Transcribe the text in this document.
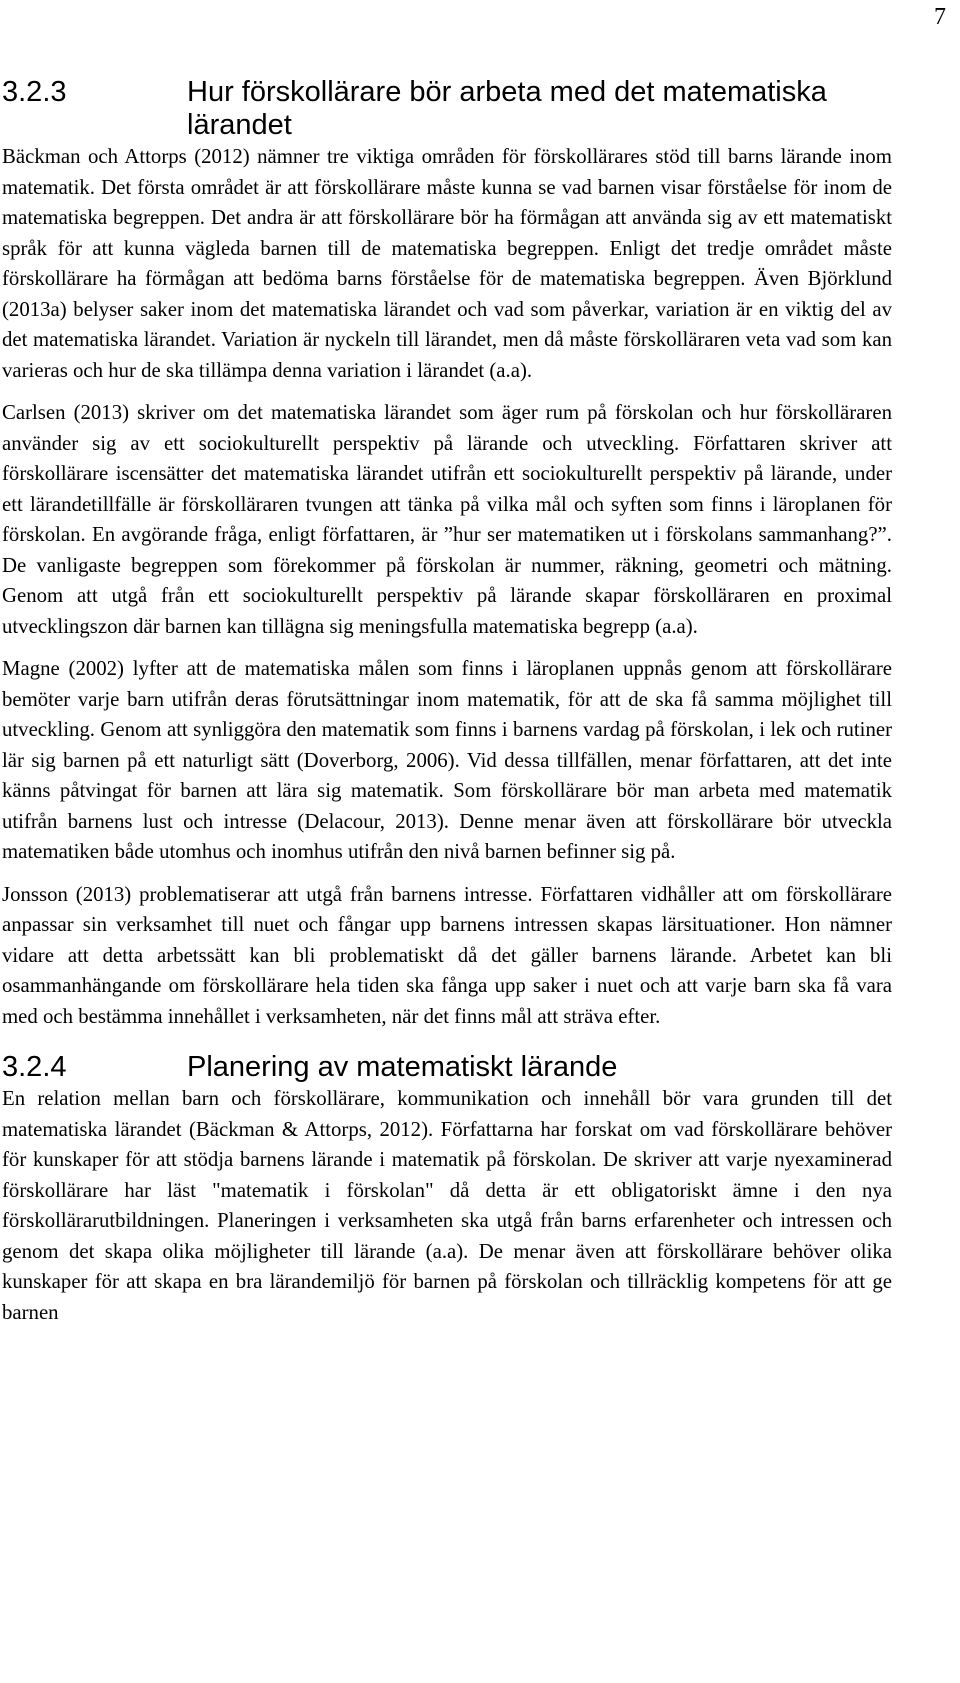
7
3.2.3	Hur förskollärare bör arbeta med det matematiska lärandet

Bäckman och Attorps (2012) nämner tre viktiga områden för förskollärares stöd till barns lärande inom matematik. Det första området är att förskollärare måste kunna se vad barnen visar förståelse för inom de matematiska begreppen. Det andra är att förskollärare bör ha förmågan att använda sig av ett matematiskt språk för att kunna vägleda barnen till de matematiska begreppen. Enligt det tredje området måste förskollärare ha förmågan att bedöma barns förståelse för de matematiska begreppen. Även Björklund (2013a) belyser saker inom det matematiska lärandet och vad som påverkar, variation är en viktig del av det matematiska lärandet. Variation är nyckeln till lärandet, men då måste förskolläraren veta vad som kan varieras och hur de ska tillämpa denna variation i lärandet (a.a).

Carlsen (2013) skriver om det matematiska lärandet som äger rum på förskolan och hur förskolläraren använder sig av ett sociokulturellt perspektiv på lärande och utveckling. Författaren skriver att förskollärare iscensätter det matematiska lärandet utifrån ett sociokulturellt perspektiv på lärande, under ett lärandetillfälle är förskolläraren tvungen att tänka på vilka mål och syften som finns i läroplanen för förskolan. En avgörande fråga, enligt författaren, är ”hur ser matematiken ut i förskolans sammanhang?”. De vanligaste begreppen som förekommer på förskolan är nummer, räkning, geometri och mätning. Genom att utgå från ett sociokulturellt perspektiv på lärande skapar förskolläraren en proximal utvecklingszon där barnen kan tillägna sig meningsfulla matematiska begrepp (a.a).

Magne (2002) lyfter att de matematiska målen som finns i läroplanen uppnås genom att förskollärare bemöter varje barn utifrån deras förutsättningar inom matematik, för att de ska få samma möjlighet till utveckling. Genom att synliggöra den matematik som finns i barnens vardag på förskolan, i lek och rutiner lär sig barnen på ett naturligt sätt (Doverborg, 2006). Vid dessa tillfällen, menar författaren, att det inte känns påtvingat för barnen att lära sig matematik. Som förskollärare bör man arbeta med matematik utifrån barnens lust och intresse (Delacour, 2013). Denne menar även att förskollärare bör utveckla matematiken både utomhus och inomhus utifrån den nivå barnen befinner sig på.

Jonsson (2013) problematiserar att utgå från barnens intresse. Författaren vidhåller att om förskollärare anpassar sin verksamhet till nuet och fångar upp barnens intressen skapas lärsituationer. Hon nämner vidare att detta arbetssätt kan bli problematiskt då det gäller barnens lärande. Arbetet kan bli osammanhängande om förskollärare hela tiden ska fånga upp saker i nuet och att varje barn ska få vara med och bestämma innehållet i verksamheten, när det finns mål att sträva efter.

3.2.4	Planering av matematiskt lärande

En relation mellan barn och förskollärare, kommunikation och innehåll bör vara grunden till det matematiska lärandet (Bäckman & Attorps, 2012). Författarna har forskat om vad förskollärare behöver för kunskaper för att stödja barnens lärande i matematik på förskolan. De skriver att varje nyexaminerad förskollärare har läst "matematik i förskolan" då detta är ett obligatoriskt ämne i den nya förskollärarutbildningen. Planeringen i verksamheten ska utgå från barns erfarenheter och intressen och genom det skapa olika möjligheter till lärande (a.a). De menar även att förskollärare behöver olika kunskaper för att skapa en bra lärandemiljö för barnen på förskolan och tillräcklig kompetens för att ge barnen
